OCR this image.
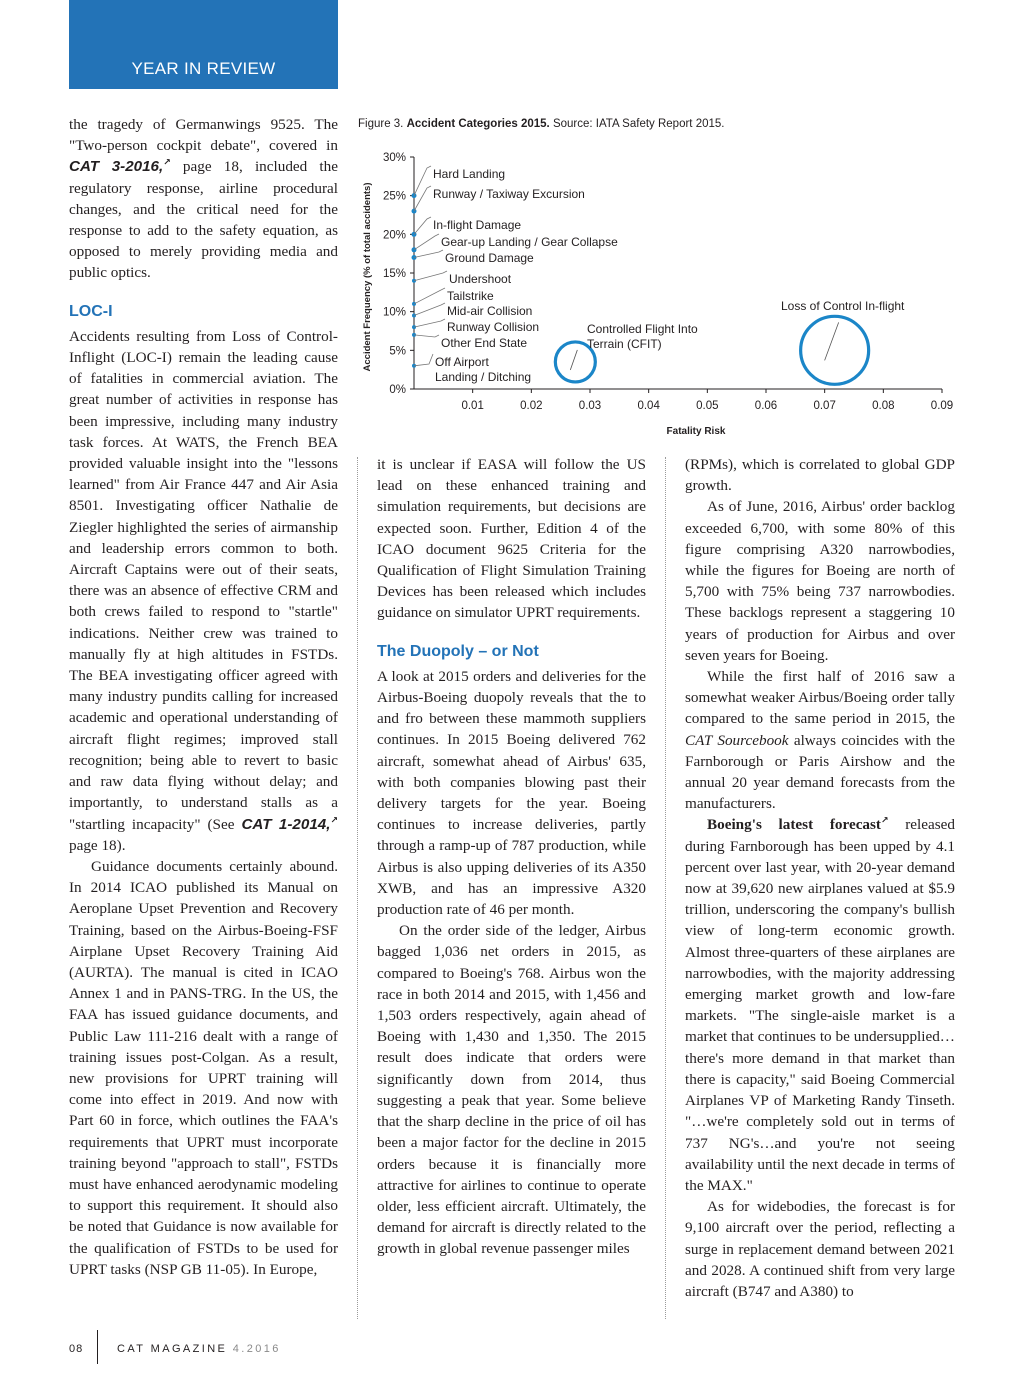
YEAR IN REVIEW

the tragedy of Germanwings 9525. The "Two-person cockpit debate", covered in CAT 3-2016,↗ page 18, included the regulatory response, airline procedural changes, and the critical need for the response to add to the safety equation, as opposed to merely providing media and public optics.

LOC-I

Accidents resulting from Loss of Control-Inflight (LOC-I) remain the leading cause of fatalities in commercial aviation. The great number of activities in response has been impressive, including many industry task forces. At WATS, the French BEA provided valuable insight into the "lessons learned" from Air France 447 and Air Asia 8501. Investigating officer Nathalie de Ziegler highlighted the series of airmanship and leadership errors common to both. Aircraft Captains were out of their seats, there was an absence of effective CRM and both crews failed to respond to "startle" indications. Neither crew was trained to manually fly at high altitudes in FSTDs. The BEA investigating officer agreed with many industry pundits calling for increased academic and operational understanding of aircraft flight regimes; improved stall recognition; being able to revert to basic and raw data flying without delay; and importantly, to understand stalls as a "startling incapacity" (See CAT 1-2014,↗ page 18).

Guidance documents certainly abound. In 2014 ICAO published its Manual on Aeroplane Upset Prevention and Recovery Training, based on the Airbus-Boeing-FSF Airplane Upset Recovery Training Aid (AURTA). The manual is cited in ICAO Annex 1 and in PANS-TRG. In the US, the FAA has issued guidance documents, and Public Law 111-216 dealt with a range of training issues post-Colgan. As a result, new provisions for UPRT training will come into effect in 2019. And now with Part 60 in force, which outlines the FAA's requirements that UPRT must incorporate training beyond "approach to stall", FSTDs must have enhanced aerodynamic modeling to support this requirement. It should also be noted that Guidance is now available for the qualification of FSTDs to be used for UPRT tasks (NSP GB 11-05). In Europe,

Figure 3. Accident Categories 2015. Source: IATA Safety Report 2015.
0%
5%
10%
15%
20%
25%
30%
0.01	0.02	0.03	0.04	0.05	0.06	0.07	0.08	0.09
Fatality Risk
Accident Frequency (% of total accidents)
Hard Landing
Runway / Taxiway Excursion
In-flight Damage
Gear-up Landing / Gear Collapse
Ground Damage
Undershoot
Tailstrike
Mid-air Collision
Runway Collision
Other End State
Off Airport
Landing / Ditching
Controlled Flight Into
Terrain (CFIT)
Loss of Control In-flight

it is unclear if EASA will follow the US lead on these enhanced training and simulation requirements, but decisions are expected soon. Further, Edition 4 of the ICAO document 9625 Criteria for the Qualification of Flight Simulation Training Devices has been released which includes guidance on simulator UPRT requirements.

The Duopoly – or Not

A look at 2015 orders and deliveries for the Airbus-Boeing duopoly reveals that the to and fro between these mammoth suppliers continues. In 2015 Boeing delivered 762 aircraft, somewhat ahead of Airbus' 635, with both companies blowing past their delivery targets for the year. Boeing continues to increase deliveries, partly through a ramp-up of 787 production, while Airbus is also upping deliveries of its A350 XWB, and has an impressive A320 production rate of 46 per month.

On the order side of the ledger, Airbus bagged 1,036 net orders in 2015, as compared to Boeing's 768. Airbus won the race in both 2014 and 2015, with 1,456 and 1,503 orders respectively, again ahead of Boeing with 1,430 and 1,350. The 2015 result does indicate that orders were significantly down from 2014, thus suggesting a peak that year. Some believe that the sharp decline in the price of oil has been a major factor for the decline in 2015 orders because it is financially more attractive for airlines to continue to operate older, less efficient aircraft. Ultimately, the demand for aircraft is directly related to the growth in global revenue passenger miles

(RPMs), which is correlated to global GDP growth.

As of June, 2016, Airbus' order backlog exceeded 6,700, with some 80% of this figure comprising A320 narrowbodies, while the figures for Boeing are north of 5,700 with 75% being 737 narrowbodies. These backlogs represent a staggering 10 years of production for Airbus and over seven years for Boeing.

While the first half of 2016 saw a somewhat weaker Airbus/Boeing order tally compared to the same period in 2015, the CAT Sourcebook always coincides with the Farnborough or Paris Airshow and the annual 20 year demand forecasts from the manufacturers.

Boeing's latest forecast↗ released during Farnborough has been upped by 4.1 percent over last year, with 20-year demand now at 39,620 new airplanes valued at $5.9 trillion, underscoring the company's bullish view of long-term economic growth. Almost three-quarters of these airplanes are narrowbodies, with the majority addressing emerging market growth and low-fare markets. "The single-aisle market is a market that continues to be undersupplied…there's more demand in that market than there is capacity," said Boeing Commercial Airplanes VP of Marketing Randy Tinseth. "…we're completely sold out in terms of 737 NG's…and you're not seeing availability until the next decade in terms of the MAX."

As for widebodies, the forecast is for 9,100 aircraft over the period, reflecting a surge in replacement demand between 2021 and 2028. A continued shift from very large aircraft (B747 and A380) to

08	CAT MAGAZINE 4.2016
